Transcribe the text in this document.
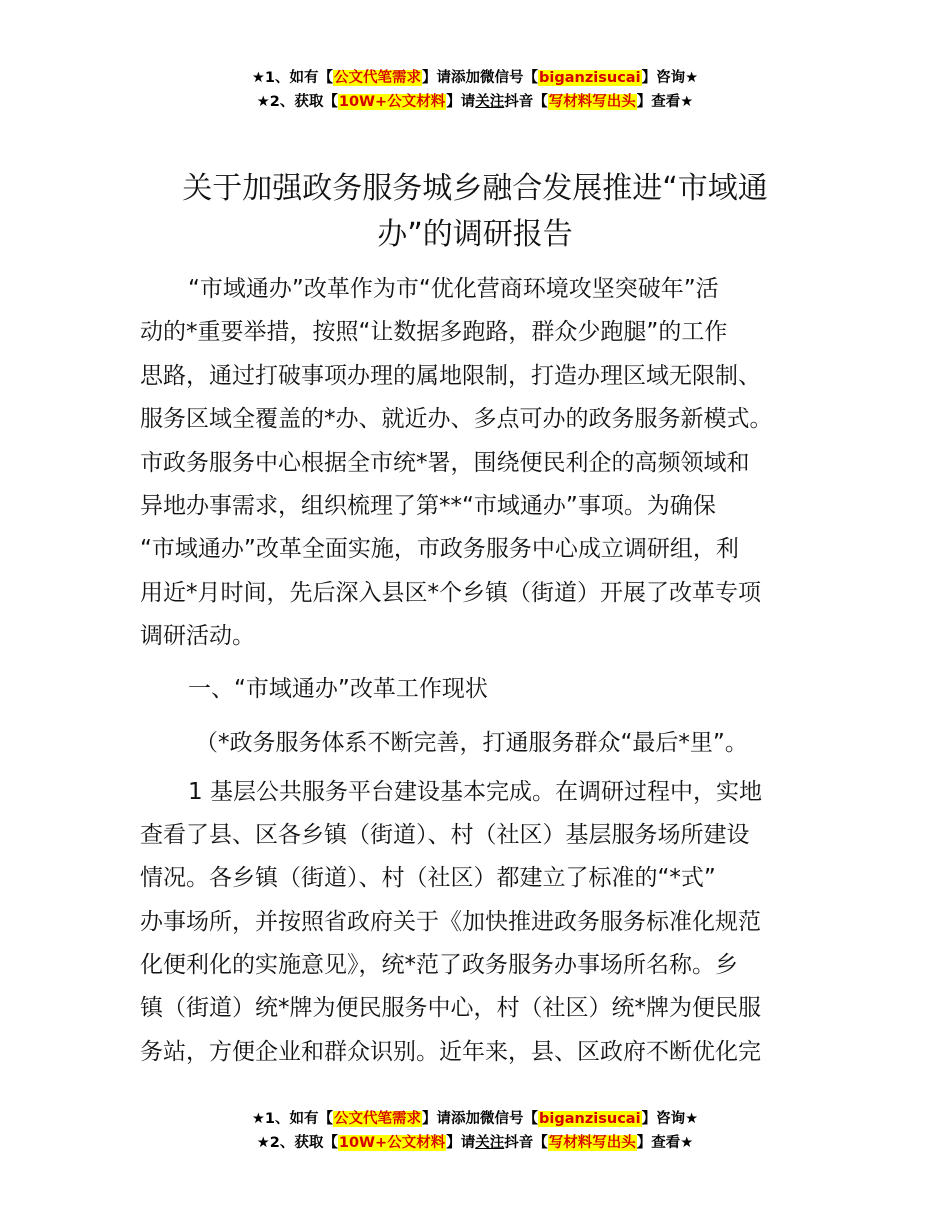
★1、如有【公文代笔需求】请添加微信号【biganzisucai】咨询★
★2、获取【10W+公文材料】请关注抖音【写材料写出头】查看★
关于加强政务服务城乡融合发展推进“市域通
办”的调研报告
“市域通办”改革作为市“优化营商环境攻坚突破年”活
动的*重要举措，按照“让数据多跑路，群众少跑腿”的工作
思路，通过打破事项办理的属地限制，打造办理区域无限制、
服务区域全覆盖的*办、就近办、多点可办的政务服务新模式。
市政务服务中心根据全市统*署，围绕便民利企的高频领域和
异地办事需求，组织梳理了第**“市域通办”事项。为确保
“市域通办”改革全面实施，市政务服务中心成立调研组，利
用近*月时间，先后深入县区*个乡镇（街道）开展了改革专项
调研活动。
一、“市域通办”改革工作现状
（*政务服务体系不断完善，打通服务群众“最后*里”。
1 基层公共服务平台建设基本完成。在调研过程中，实地
查看了县、区各乡镇（街道）、村（社区）基层服务场所建设
情况。各乡镇（街道）、村（社区）都建立了标准的“*式”
办事场所，并按照省政府关于《加快推进政务服务标准化规范
化便利化的实施意见》，统*范了政务服务办事场所名称。乡
镇（街道）统*牌为便民服务中心，村（社区）统*牌为便民服
务站，方便企业和群众识别。近年来，县、区政府不断优化完
★1、如有【公文代笔需求】请添加微信号【biganzisucai】咨询★
★2、获取【10W+公文材料】请关注抖音【写材料写出头】查看★
